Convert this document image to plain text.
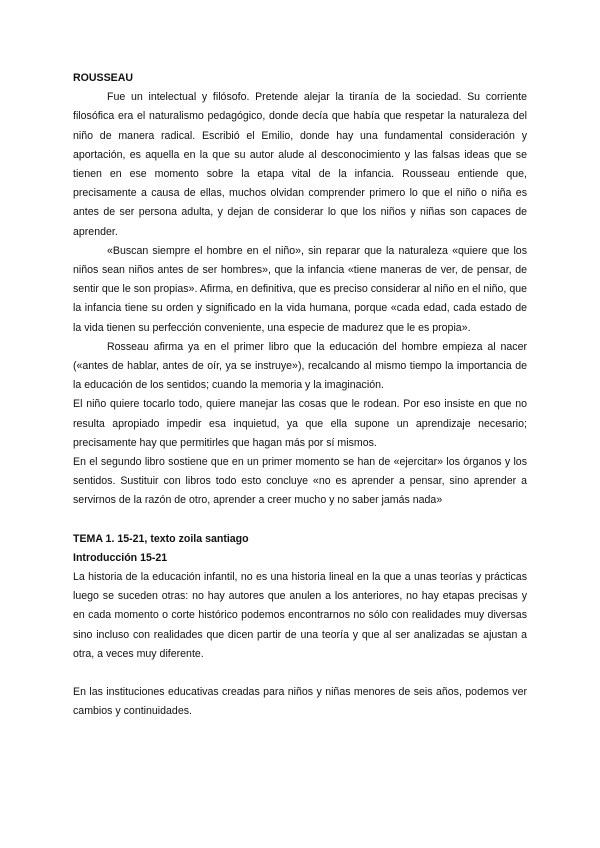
ROUSSEAU

Fue un intelectual y filósofo. Pretende alejar la tiranía de la sociedad. Su corriente filosófica era el naturalismo pedagógico, donde decía que había que respetar la naturaleza del niño de manera radical. Escribió el Emilio, donde hay una fundamental consideración y aportación, es aquella en la que su autor alude al desconocimiento y las falsas ideas que se tienen en ese momento sobre la etapa vital de la infancia. Rousseau entiende que, precisamente a causa de ellas, muchos olvidan comprender primero lo que el niño o niña es antes de ser persona adulta, y dejan de considerar lo que los niños y niñas son capaces de aprender.

«Buscan siempre el hombre en el niño», sin reparar que la naturaleza «quiere que los niños sean niños antes de ser hombres», que la infancia «tiene maneras de ver, de pensar, de sentir que le son propias». Afirma, en definitiva, que es preciso considerar al niño en el niño, que la infancia tiene su orden y significado en la vida humana, porque «cada edad, cada estado de la vida tienen su perfección conveniente, una especie de madurez que le es propia».

Rosseau afirma ya en el primer libro que la educación del hombre empieza al nacer («antes de hablar, antes de oír, ya se instruye»), recalcando al mismo tiempo la importancia de la educación de los sentidos; cuando la memoria y la imaginación.

El niño quiere tocarlo todo, quiere manejar las cosas que le rodean. Por eso insiste en que no resulta apropiado impedir esa inquietud, ya que ella supone un aprendizaje necesario; precisamente hay que permitirles que hagan más por sí mismos.

En el segundo libro sostiene que en un primer momento se han de «ejercitar» los órganos y los sentidos. Sustituir con libros todo esto concluye «no es aprender a pensar, sino aprender a servirnos de la razón de otro, aprender a creer mucho y no saber jamás nada»

TEMA 1. 15-21, texto zoila santiago

Introducción 15-21

La historia de la educación infantil, no es una historia lineal en la que a unas teorías y prácticas luego se suceden otras: no hay autores que anulen a los anteriores, no hay etapas precisas y en cada momento o corte histórico podemos encontrarnos no sólo con realidades muy diversas sino incluso con realidades que dicen partir de una teoría y que al ser analizadas se ajustan a otra, a veces muy diferente.

En las instituciones educativas creadas para niños y niñas menores de seis años, podemos ver cambios y continuidades.
